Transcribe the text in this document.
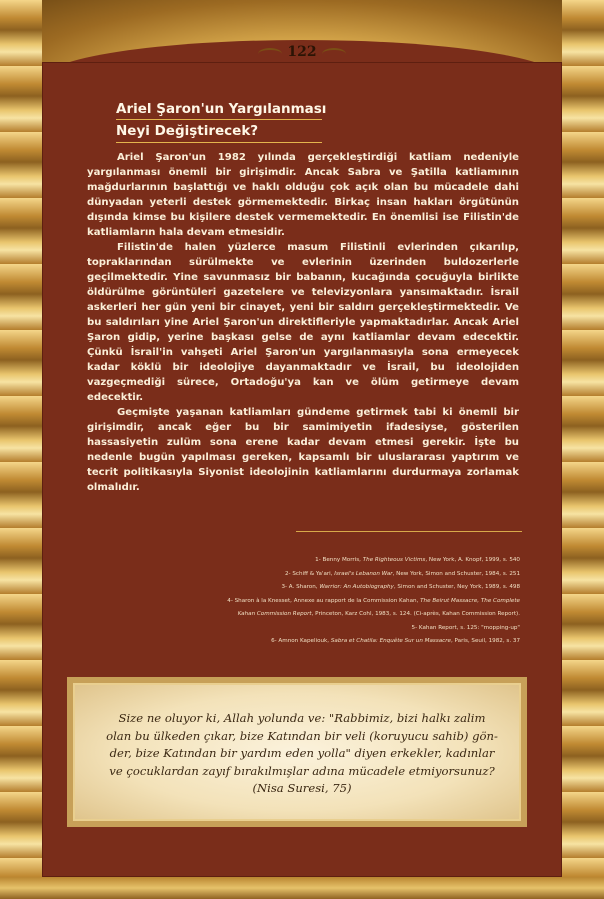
122
Ariel Şaron'un Yargılanması
Neyi Değiştirecek?

Ariel Şaron'un 1982 yılında gerçekleştirdiği katliam nedeniyle yargılanması önemli bir girişimdir. Ancak Sabra ve Şatilla katliamının mağdurlarının başlattığı ve haklı olduğu çok açık olan bu mücadele dahi dünyadan yeterli destek görmemektedir. Birkaç insan hakları örgütünün dışında kimse bu kişilere destek vermemektedir. En önemlisi ise Filistin'de katliamların hala devam etmesidir.

Filistin'de halen yüzlerce masum Filistinli evlerinden çıkarılıp, topraklarından sürülmekte ve evlerinin üzerinden buldozerlerle geçilmektedir. Yine savunmasız bir babanın, kucağında çocuğuyla birlikte öldürülme görüntüleri gazetelere ve televizyonlara yansımaktadır. İsrail askerleri her gün yeni bir cinayet, yeni bir saldırı gerçekleştirmektedir. Ve bu saldırıları yine Ariel Şaron'un direktifleriyle yapmaktadırlar. Ancak Ariel Şaron gidip, yerine başkası gelse de aynı katliamlar devam edecektir. Çünkü İsrail'in vahşeti Ariel Şaron'un yargılanmasıyla sona ermeyecek kadar köklü bir ideolojiye dayanmaktadır ve İsrail, bu ideolojiden vazgeçmediği sürece, Ortadoğu'ya kan ve ölüm getirmeye devam edecektir.

Geçmişte yaşanan katliamları gündeme getirmek tabi ki önemli bir girişimdir, ancak eğer bu bir samimiyetin ifadesiyse, gösterilen hassasiyetin zulüm sona erene kadar devam etmesi gerekir. İşte bu nedenle bugün yapılması gereken, kapsamlı bir uluslararası yaptırım ve tecrit politikasıyla Siyonist ideolojinin katliamlarını durdurmaya zorlamak olmalıdır.

1- Benny Morris, The Righteous Victims, New York, A. Knopf, 1999, s. 540
2- Schiff & Ya'ari, Israel's Lebanon War, New York, Simon and Schuster, 1984, s. 251
3- A. Sharon, Warrior: An Autobiography, Simon and Schuster, Ney York, 1989, s. 498
4- Sharon à la Knesset, Annexe au rapport de la Commission Kahan, The Beirut Massacre, The Complete
Kahan Commission Report, Princeton, Karz Cohl, 1983, s. 124. (Ci-après, Kahan Commission Report).
5- Kahan Report, s. 125: "mopping-up"
6- Amnon Kapeliouk, Sabra et Chatila: Enquête Sur un Massacre, Paris, Seuil, 1982, s. 37
Size ne oluyor ki, Allah yolunda ve: "Rabbimiz, bizi halkı zalim
olan bu ülkeden çıkar, bize Katından bir veli (koruyucu sahib) gön-
der, bize Katından bir yardım eden yolla" diyen erkekler, kadınlar
ve çocuklardan zayıf bırakılmışlar adına mücadele etmiyorsunuz?
(Nisa Suresi, 75)
